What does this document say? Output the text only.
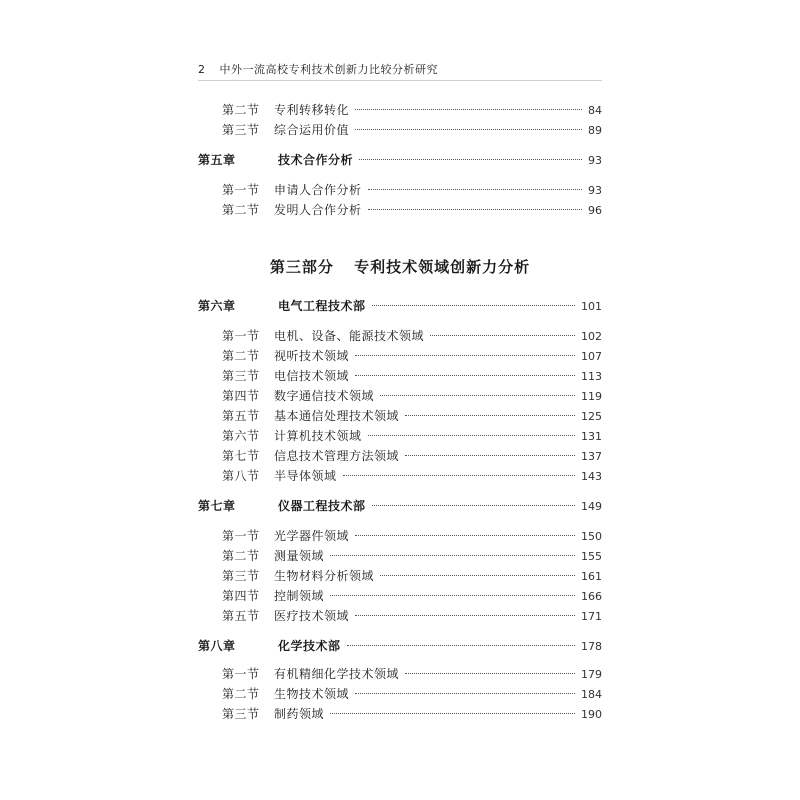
2 中外一流高校专利技术创新力比较分析研究
第三部分 专利技术领域创新力分析
第二节	专利转移转化	84
第三节	综合运用价值	89
第五章	技术合作分析	93
第一节	申请人合作分析	93
第二节	发明人合作分析	96
第六章	电气工程技术部	101
第一节	电机、设备、能源技术领域	102
第二节	视听技术领域	107
第三节	电信技术领域	113
第四节	数字通信技术领域	119
第五节	基本通信处理技术领域	125
第六节	计算机技术领域	131
第七节	信息技术管理方法领域	137
第八节	半导体领域	143
第七章	仪器工程技术部	149
第一节	光学器件领域	150
第二节	测量领域	155
第三节	生物材料分析领域	161
第四节	控制领域	166
第五节	医疗技术领域	171
第八章	化学技术部	178
第一节	有机精细化学技术领域	179
第二节	生物技术领域	184
第三节	制药领域	190
